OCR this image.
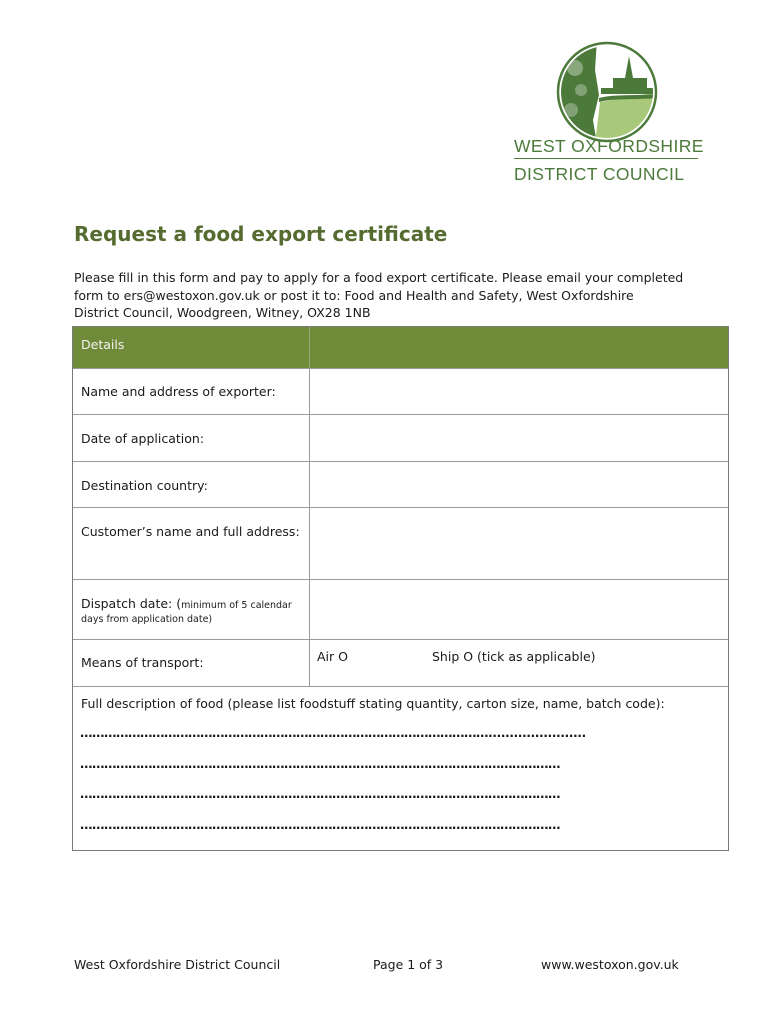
WEST OXFORDSHIRE
DISTRICT COUNCIL
Request a food export certificate
Please fill in this form and pay to apply for a food export certificate. Please email your completed
form to ers@westoxon.gov.uk or post it to: Food and Health and Safety, West Oxfordshire
District Council, Woodgreen, Witney, OX28 1NB
Details
Name and address of exporter:
Date of application:
Destination country:
Customer’s name and full address:
Dispatch date: (minimum of 5 calendar
days from application date)
Means of transport:	Air O	Ship O (tick as applicable)
Full description of food (please list foodstuff stating quantity, carton size, name, batch code):
………………………………………………………………………………………….......................
…………………………………………………………………………………………………………
…………………………………………………………………………………………………………
…………………………………………………………………………………………………………
West Oxfordshire District Council	Page 1 of 3	www.westoxon.gov.uk
